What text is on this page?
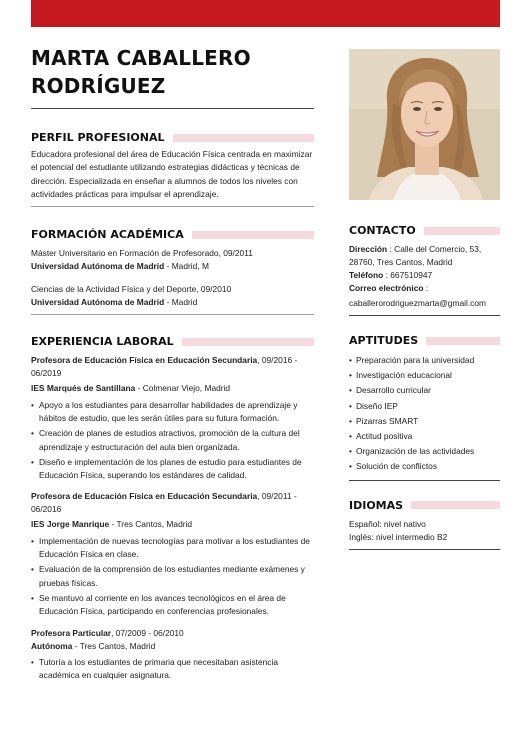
MARTA CABALLERO RODRÍGUEZ
PERFIL PROFESIONAL

Educadora profesional del área de Educación Física centrada en maximizar el potencial del estudiante utilizando estrategias didácticas y técnicas de dirección. Especializada en enseñar a alumnos de todos los niveles con actividades prácticas para impulsar el aprendizaje.

FORMACIÓN ACADÉMICA

Máster Universitario en Formación de Profesorado, 09/2011

Universidad Autónoma de Madrid - Madrid, M

Ciencias de la Actividad Física y del Deporte, 09/2010

Universidad Autónoma de Madrid - Madrid

EXPERIENCIA LABORAL
Profesora de Educación Física en Educación Secundaria, 09/2016 - 06/2019
IES Marqués de Santillana - Colmenar Viejo, Madrid
• Apoyo a los estudiantes para desarrollar habilidades de aprendizaje y hábitos de estudio, que les serán útiles para su futura formación.
• Creación de planes de estudios atractivos, promoción de la cultura del aprendizaje y estructuración del aula bien organizada.
• Diseño e implementación de los planes de estudio para estudiantes de Educación Física, superando los estándares de calidad.
Profesora de Educación Física en Educación Secundaria, 09/2011 - 06/2016
IES Jorge Manrique - Tres Cantos, Madrid
• Implementación de nuevas tecnologías para motivar a los estudiantes de Educación Física en clase.
• Evaluación de la comprensión de los estudiantes mediante exámenes y pruebas físicas.
• Se mantuvo al corriente en los avances tecnológicos en el área de Educación Física, participando en conferencias profesionales.
Profesora Particular, 07/2009 - 06/2010
Autónoma - Tres Cantos, Madrid
• Tutoría a los estudiantes de primaria que necesitaban asistencia académica en cualquier asignatura.
CONTACTO

Dirección : Calle del Comercio, 53, 28760, Tres Cantos, Madrid

Teléfono : 667510947

Correo electrónico :

caballerorodriguezmarta@gmail.com

APTITUDES
• Preparación para la universidad
• Investigación educacional
• Desarrollo curricular
• Diseño IEP
• Pizarras SMART
• Actitud positiva
• Organización de las actividades
• Solución de conflictos
IDIOMAS

Español: nivel nativo

Inglés: nivel intermedio B2
